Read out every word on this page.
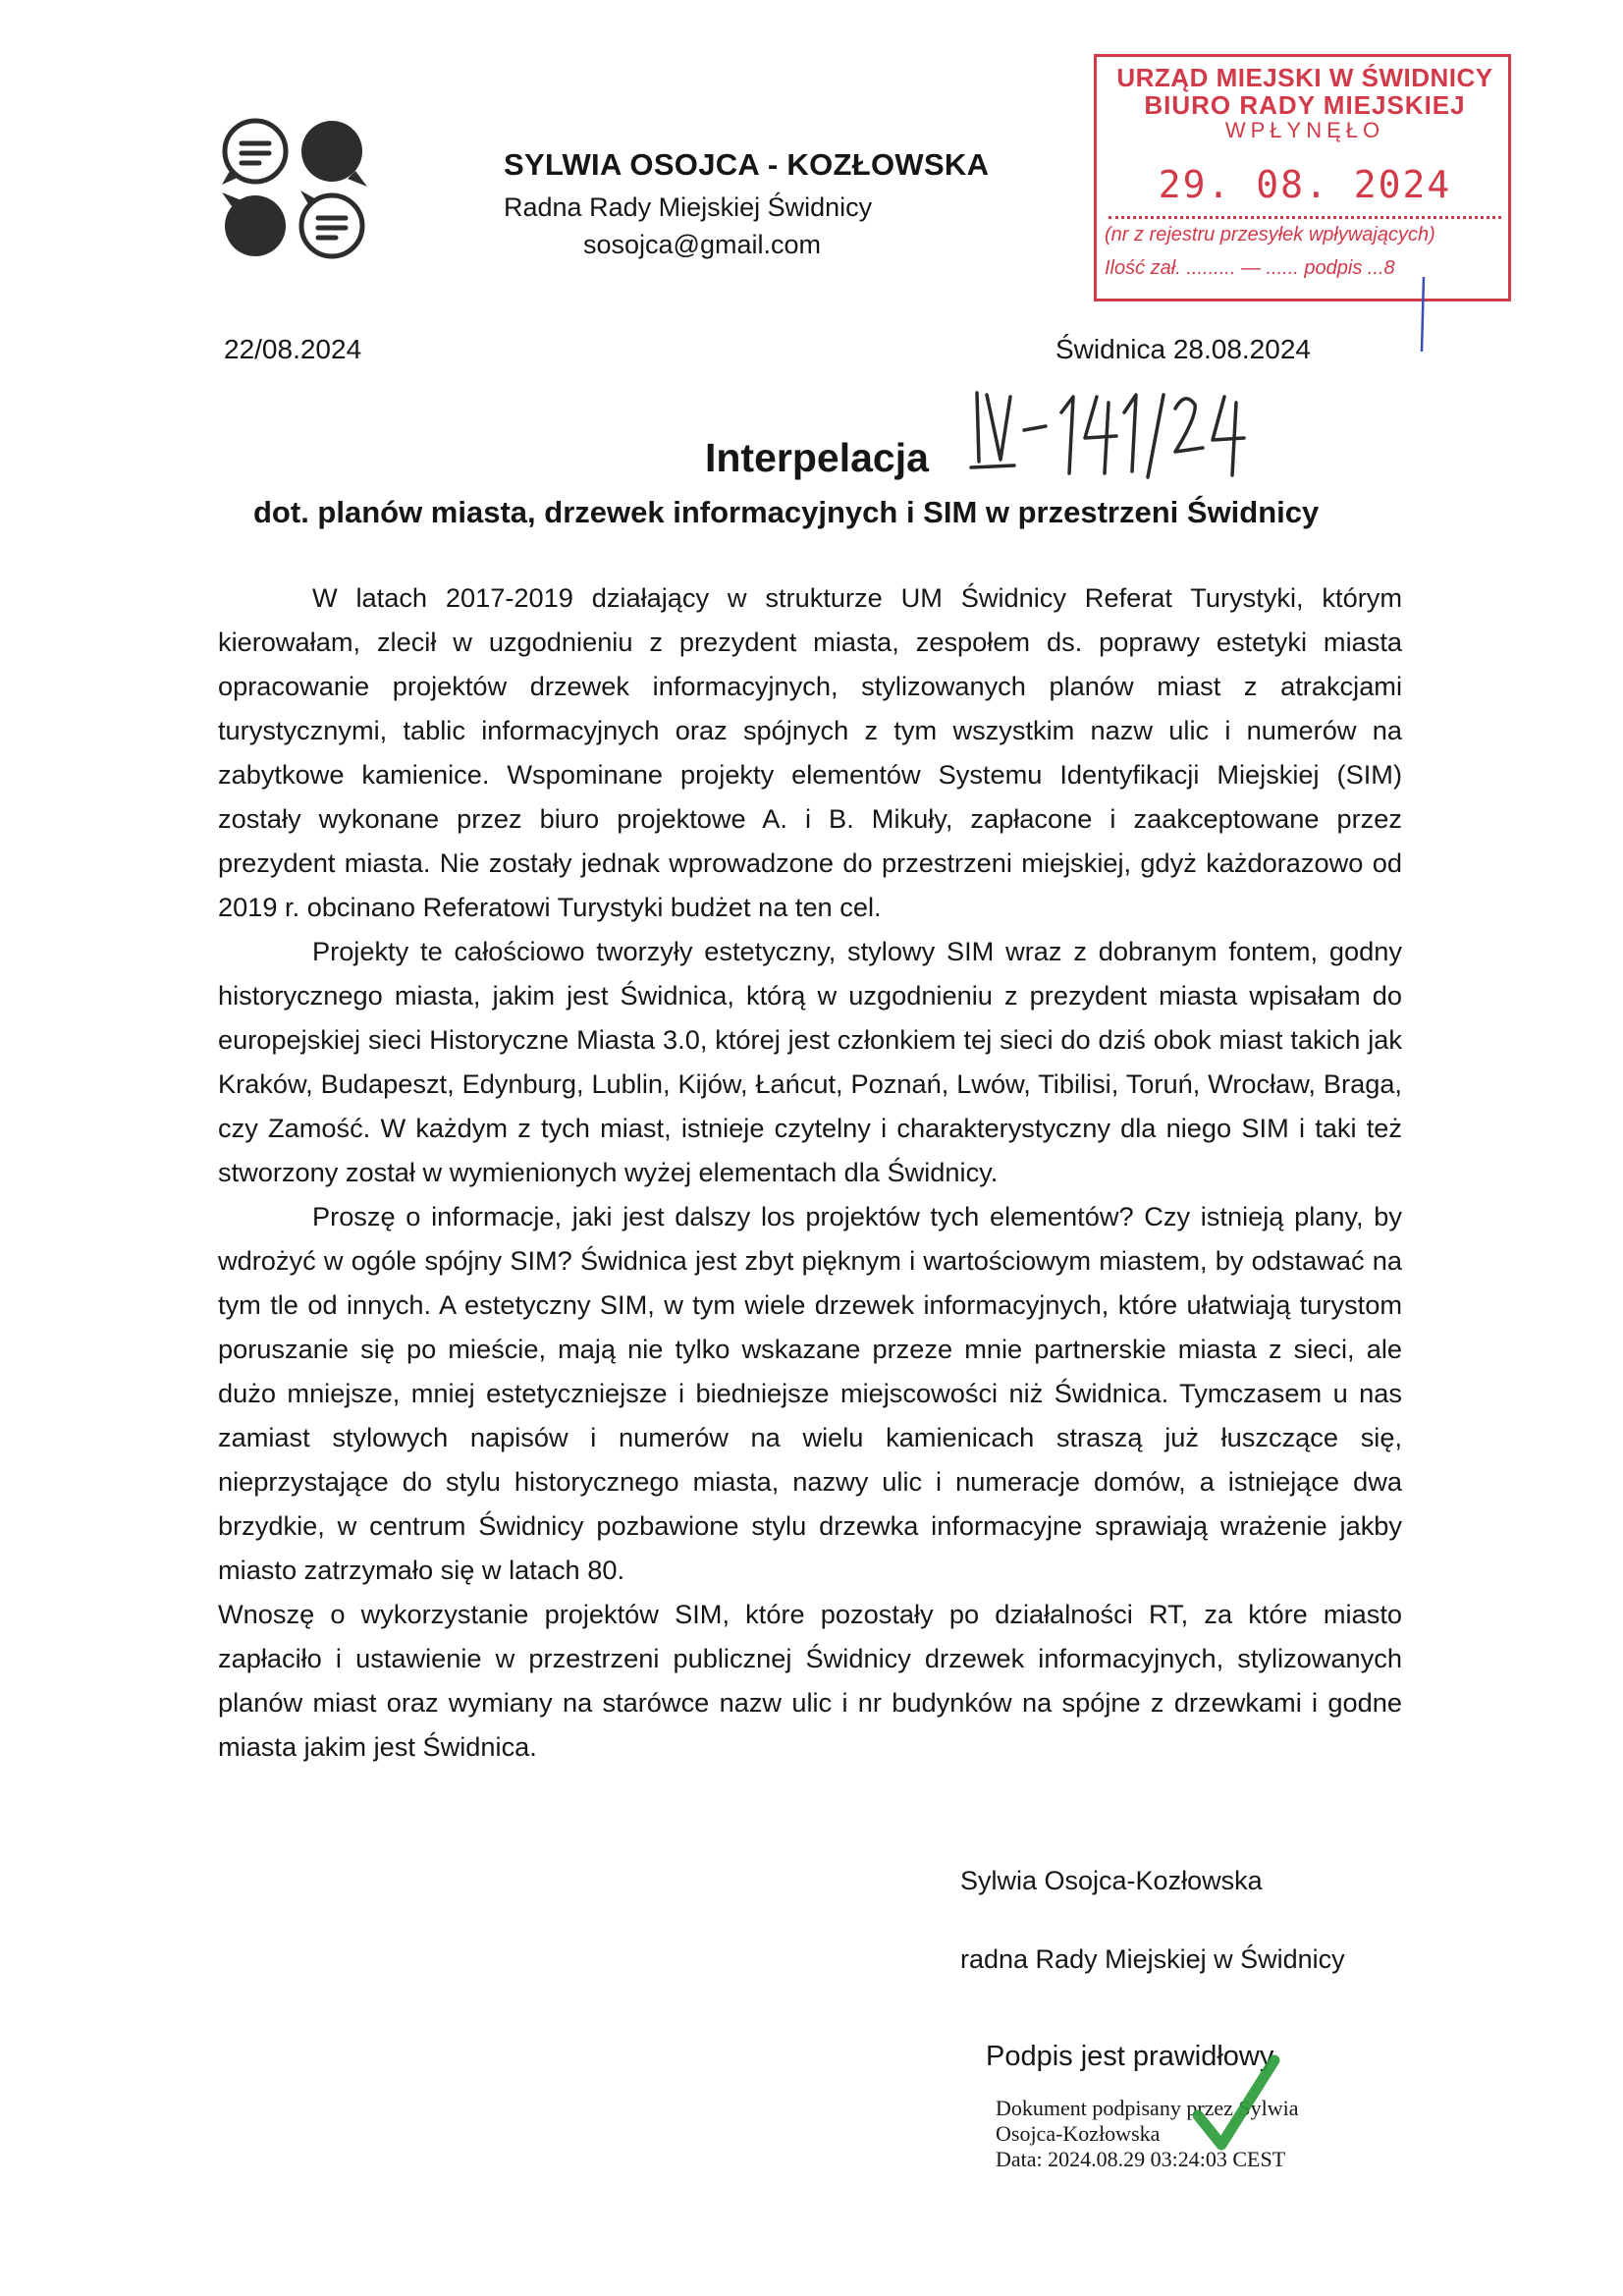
SYLWIA OSOJCA - KOZŁOWSKA
Radna Rady Miejskiej Świdnicy
sosojca@gmail.com
URZĄD MIEJSKI W ŚWIDNICY
BIURO RADY MIEJSKIEJ
WPŁYNĘŁO
29. 08. 2024
(nr z rejestru przesyłek wpływających)
Ilość zał. ......... — ...... podpis ...8
22/08.2024	Świdnica 28.08.2024
Interpelacja
dot. planów miasta, drzewek informacyjnych i SIM w przestrzeni Świdnicy

W latach 2017-2019 działający w strukturze UM Świdnicy Referat Turystyki, którym kierowałam, zlecił w uzgodnieniu z prezydent miasta, zespołem ds. poprawy estetyki miasta opracowanie projektów drzewek informacyjnych, stylizowanych planów miast z atrakcjami turystycznymi, tablic informacyjnych oraz spójnych z tym wszystkim nazw ulic i numerów na zabytkowe kamienice. Wspominane projekty elementów Systemu Identyfikacji Miejskiej (SIM) zostały wykonane przez biuro projektowe A. i B. Mikuły, zapłacone i zaakceptowane przez prezydent miasta. Nie zostały jednak wprowadzone do przestrzeni miejskiej, gdyż każdorazowo od 2019 r. obcinano Referatowi Turystyki budżet na ten cel.

Projekty te całościowo tworzyły estetyczny, stylowy SIM wraz z dobranym fontem, godny historycznego miasta, jakim jest Świdnica, którą w uzgodnieniu z prezydent miasta wpisałam do europejskiej sieci Historyczne Miasta 3.0, której jest członkiem tej sieci do dziś obok miast takich jak Kraków, Budapeszt, Edynburg, Lublin, Kijów, Łańcut, Poznań, Lwów, Tibilisi, Toruń, Wrocław, Braga, czy Zamość. W każdym z tych miast, istnieje czytelny i charakterystyczny dla niego SIM i taki też stworzony został w wymienionych wyżej elementach dla Świdnicy.

Proszę o informacje, jaki jest dalszy los projektów tych elementów? Czy istnieją plany, by wdrożyć w ogóle spójny SIM? Świdnica jest zbyt pięknym i wartościowym miastem, by odstawać na tym tle od innych. A estetyczny SIM, w tym wiele drzewek informacyjnych, które ułatwiają turystom poruszanie się po mieście, mają nie tylko wskazane przeze mnie partnerskie miasta z sieci, ale dużo mniejsze, mniej estetyczniejsze i biedniejsze miejscowości niż Świdnica. Tymczasem u nas zamiast stylowych napisów i numerów na wielu kamienicach straszą już łuszczące się, nieprzystające do stylu historycznego miasta, nazwy ulic i numeracje domów, a istniejące dwa brzydkie, w centrum Świdnicy pozbawione stylu drzewka informacyjne sprawiają wrażenie jakby miasto zatrzymało się w latach 80.

Wnoszę o wykorzystanie projektów SIM, które pozostały po działalności RT, za które miasto zapłaciło i ustawienie w przestrzeni publicznej Świdnicy drzewek informacyjnych, stylizowanych planów miast oraz wymiany na starówce nazw ulic i nr budynków na spójne z drzewkami i godne miasta jakim jest Świdnica.

Sylwia Osojca-Kozłowska
radna Rady Miejskiej w Świdnicy
Podpis jest prawidłowy
Dokument podpisany przez Sylwia
Osojca-Kozłowska
Data: 2024.08.29 03:24:03 CEST
